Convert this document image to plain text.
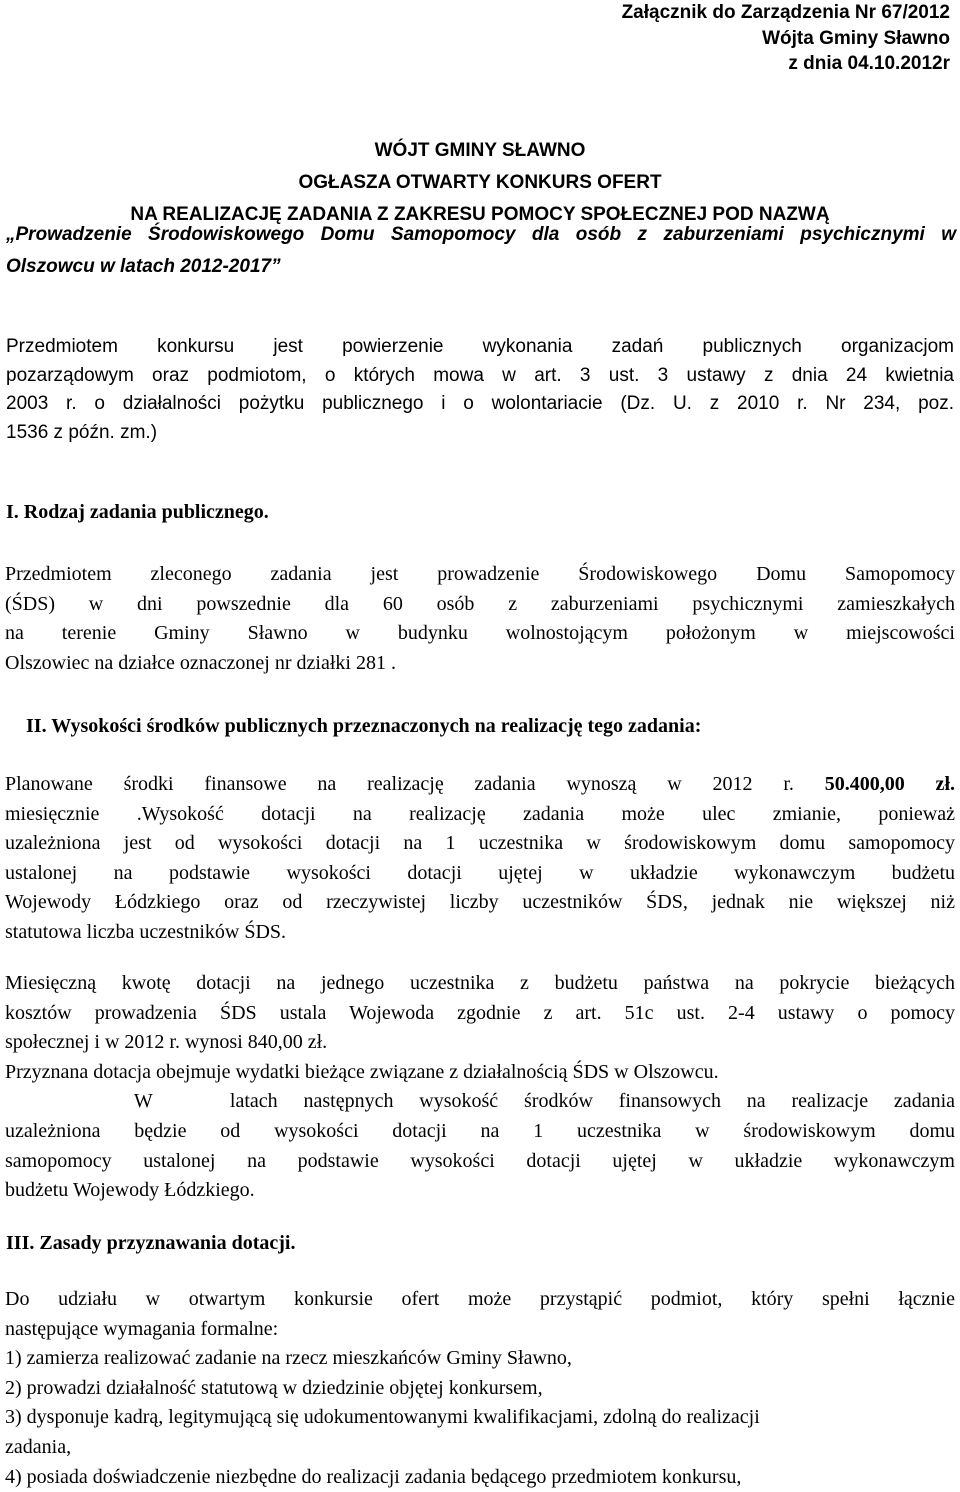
Załącznik do Zarządzenia Nr 67/2012
Wójta Gminy Sławno
z dnia 04.10.2012r
WÓJT GMINY SŁAWNO
OGŁASZA OTWARTY KONKURS OFERT
NA REALIZACJĘ ZADANIA Z ZAKRESU POMOCY SPOŁECZNEJ POD NAZWĄ
„Prowadzenie Środowiskowego Domu Samopomocy dla osób z zaburzeniami psychicznymi w
Olszowcu w latach 2012-2017”
Przedmiotem konkursu jest powierzenie wykonania zadań publicznych organizacjom
pozarządowym oraz podmiotom, o których mowa w art. 3 ust. 3 ustawy z dnia 24 kwietnia
2003 r. o działalności pożytku publicznego i o wolontariacie (Dz. U. z 2010 r. Nr 234, poz.
1536 z późn. zm.)
I. Rodzaj zadania publicznego.
Przedmiotem zleconego zadania jest prowadzenie Środowiskowego Domu Samopomocy
(ŚDS) w dni powszednie dla 60 osób z zaburzeniami psychicznymi zamieszkałych
na terenie Gminy Sławno w budynku wolnostojącym położonym w miejscowości
Olszowiec na działce oznaczonej nr działki 281 .
II. Wysokości środków publicznych przeznaczonych na realizację tego zadania:
Planowane środki finansowe na realizację zadania wynoszą w 2012 r. 50.400,00 zł.
miesięcznie .Wysokość dotacji na realizację zadania może ulec zmianie, ponieważ
uzależniona jest od wysokości dotacji na 1 uczestnika w środowiskowym domu samopomocy
ustalonej na podstawie wysokości dotacji ujętej w układzie wykonawczym budżetu
Wojewody Łódzkiego oraz od rzeczywistej liczby uczestników ŚDS, jednak nie większej niż
statutowa liczba uczestników ŚDS.
Miesięczną kwotę dotacji na jednego uczestnika z budżetu państwa na pokrycie bieżących
kosztów prowadzenia ŚDS ustala Wojewoda zgodnie z art. 51c ust. 2-4 ustawy o pomocy
społecznej i w 2012 r. wynosi 840,00 zł.
Przyznana dotacja obejmuje wydatki bieżące związane z działalnością ŚDS w Olszowcu.
W   latach następnych wysokość środków finansowych na realizacje zadania
uzależniona będzie od wysokości dotacji na 1 uczestnika w środowiskowym domu
samopomocy ustalonej na podstawie wysokości dotacji ujętej w układzie wykonawczym
budżetu Wojewody Łódzkiego.
III. Zasady przyznawania dotacji.
Do udziału w otwartym konkursie ofert może przystąpić podmiot, który spełni łącznie
następujące wymagania formalne:
1) zamierza realizować zadanie na rzecz mieszkańców Gminy Sławno,
2) prowadzi działalność statutową w dziedzinie objętej konkursem,
3) dysponuje kadrą, legitymującą się udokumentowanymi kwalifikacjami, zdolną do realizacji
zadania,
4) posiada doświadczenie niezbędne do realizacji zadania będącego przedmiotem konkursu,
